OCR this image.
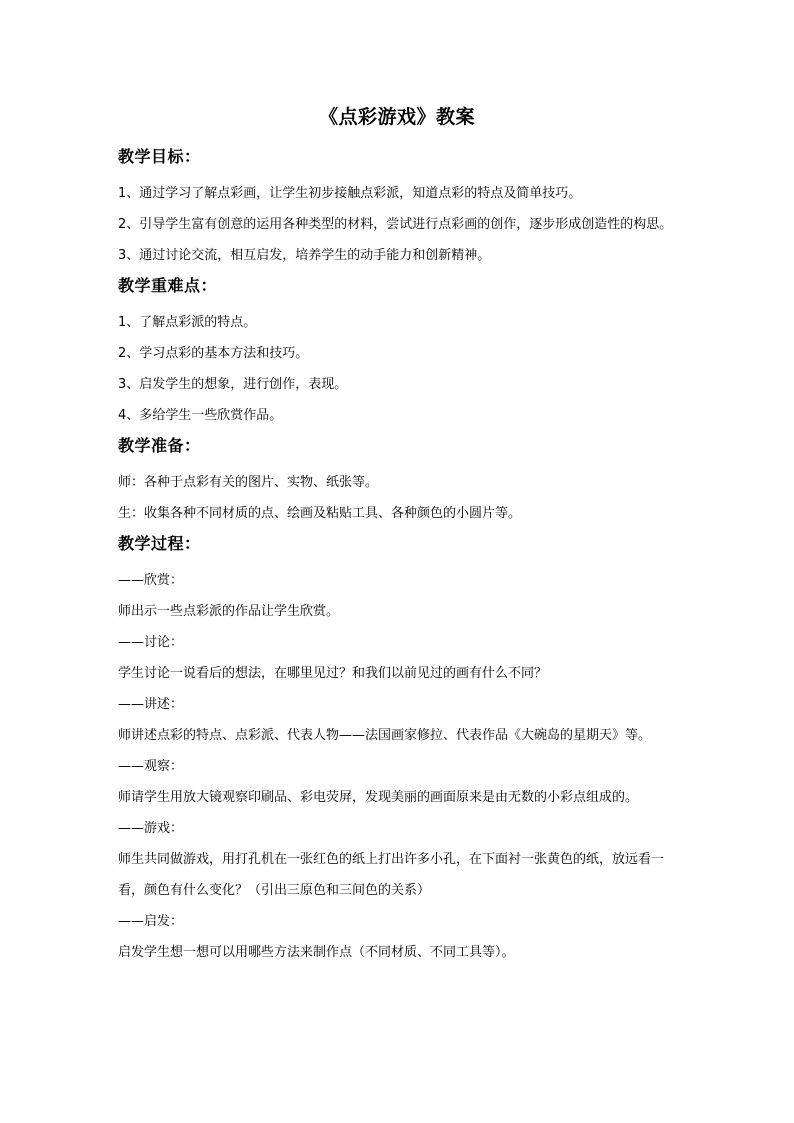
《点彩游戏》教案
教学目标：

1、通过学习了解点彩画，让学生初步接触点彩派，知道点彩的特点及简单技巧。

2、引导学生富有创意的运用各种类型的材料，尝试进行点彩画的创作，逐步形成创造性的构思。

3、通过讨论交流，相互启发，培养学生的动手能力和创新精神。

教学重难点：

1、了解点彩派的特点。

2、学习点彩的基本方法和技巧。

3、启发学生的想象，进行创作，表现。

4、多给学生一些欣赏作品。

教学准备：

师：各种于点彩有关的图片、实物、纸张等。

生：收集各种不同材质的点、绘画及粘贴工具、各种颜色的小圆片等。

教学过程：

——欣赏：

师出示一些点彩派的作品让学生欣赏。

——讨论：

学生讨论一说看后的想法，在哪里见过？和我们以前见过的画有什么不同？

——讲述：

师讲述点彩的特点、点彩派、代表人物——法国画家修拉、代表作品《大碗岛的星期天》等。

——观察：

师请学生用放大镜观察印刷品、彩电荧屏，发现美丽的画面原来是由无数的小彩点组成的。

——游戏：

师生共同做游戏，用打孔机在一张红色的纸上打出许多小孔，在下面衬一张黄色的纸，放远看一看，颜色有什么变化？（引出三原色和三间色的关系）

——启发：

启发学生想一想可以用哪些方法来制作点（不同材质、不同工具等）。
